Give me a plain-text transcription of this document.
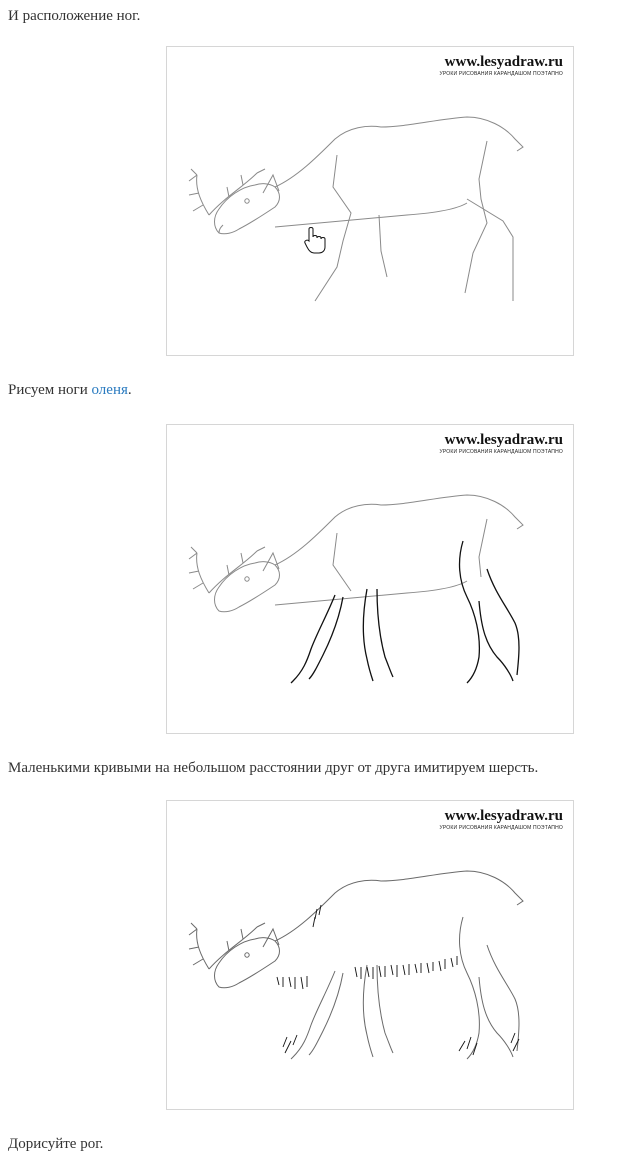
И расположение ног.

www.lesyadraw.ru
УРОКИ РИСОВАНИЯ КАРАНДАШОМ ПОЭТАПНО

Рисуем ноги оленя.

www.lesyadraw.ru
УРОКИ РИСОВАНИЯ КАРАНДАШОМ ПОЭТАПНО

Маленькими кривыми на небольшом расстоянии друг от друга имитируем шерсть.

www.lesyadraw.ru
УРОКИ РИСОВАНИЯ КАРАНДАШОМ ПОЭТАПНО

Дорисуйте рог.
